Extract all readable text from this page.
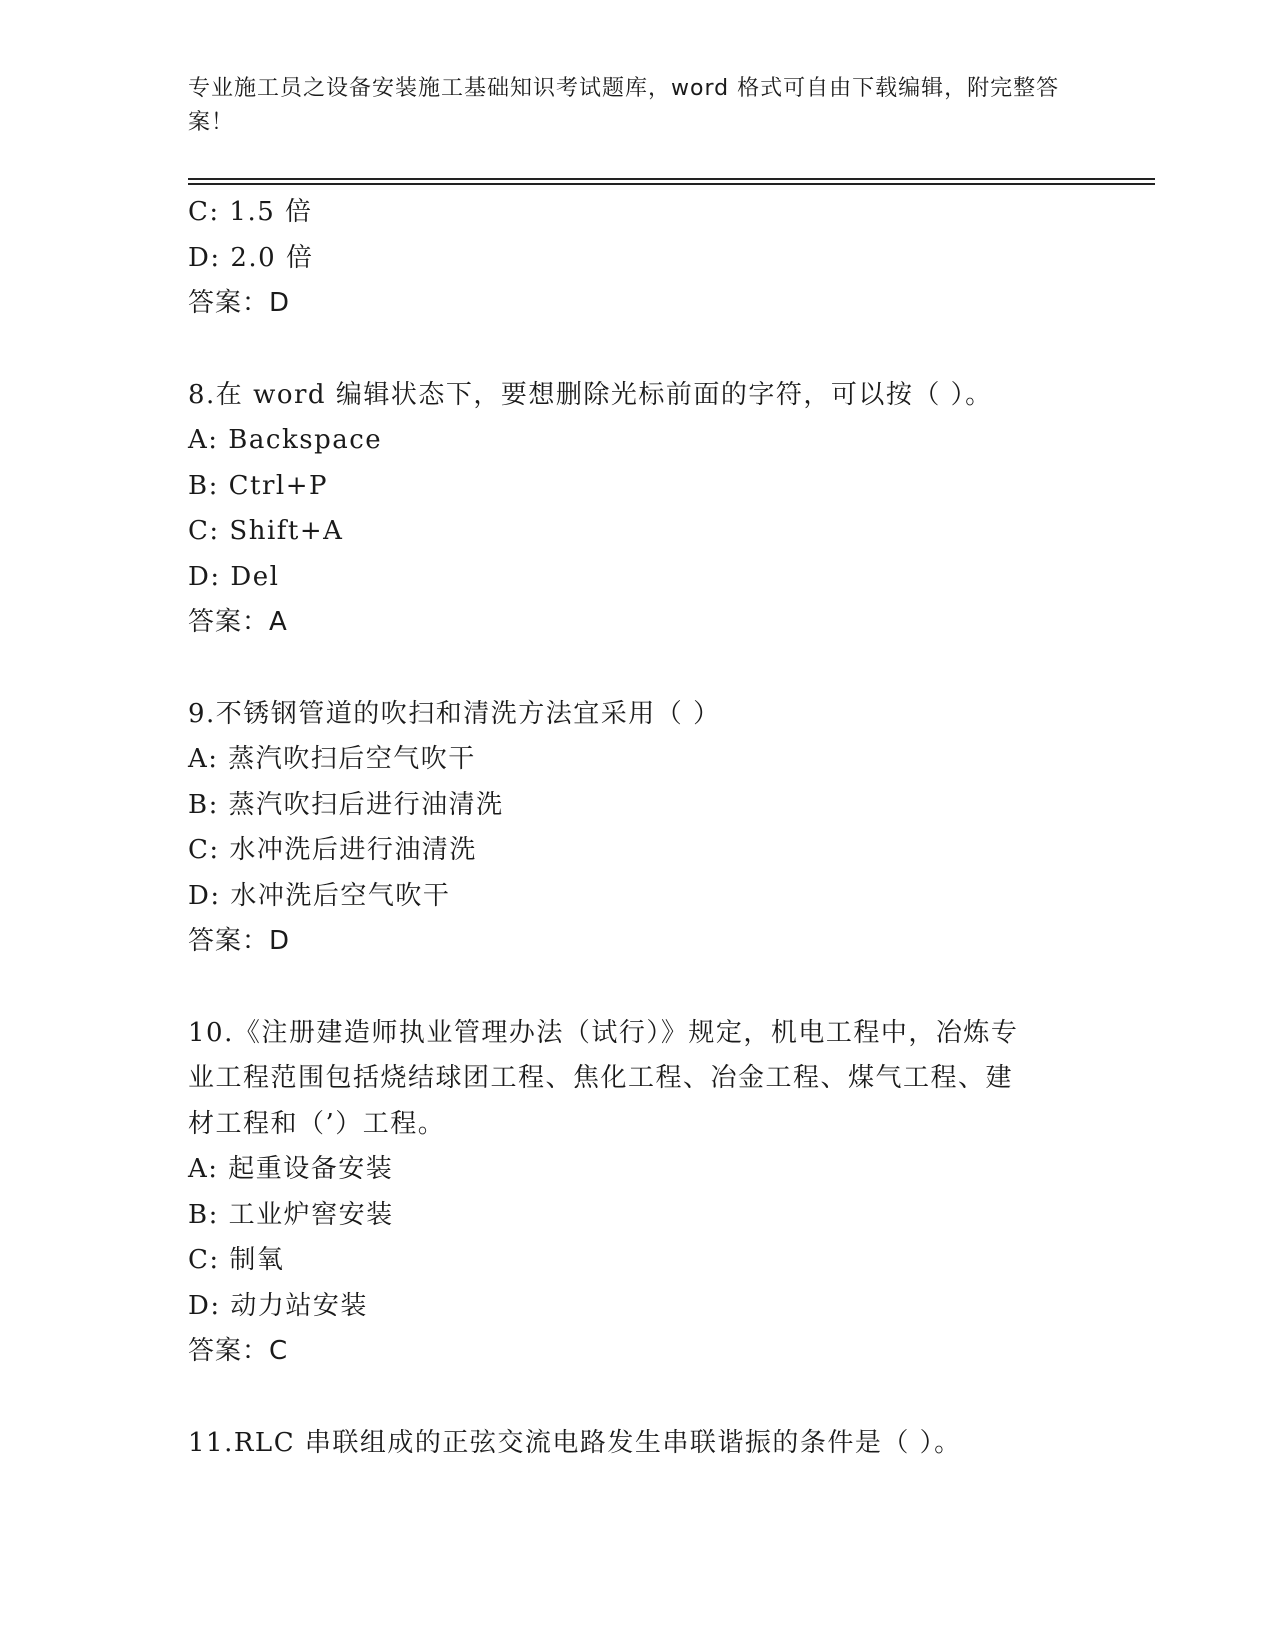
专业施工员之设备安装施工基础知识考试题库，word 格式可自由下载编辑，附完整答案！
C: 1.5 倍
D: 2.0 倍
答案：D
8.在 word 编辑状态下，要想删除光标前面的字符，可以按（ ）。
A: Backspace
B: Ctrl+P
C: Shift+A
D: Del
答案：A
9.不锈钢管道的吹扫和清洗方法宜采用（ ）
A: 蒸汽吹扫后空气吹干
B: 蒸汽吹扫后进行油清洗
C: 水冲洗后进行油清洗
D: 水冲洗后空气吹干
答案：D
10.《注册建造师执业管理办法（试行）》规定，机电工程中，冶炼专
业工程范围包括烧结球团工程、焦化工程、冶金工程、煤气工程、建
材工程和（’）工程。
A: 起重设备安装
B: 工业炉窖安装
C: 制氧
D: 动力站安装
答案：C
11.RLC 串联组成的正弦交流电路发生串联谐振的条件是（ ）。
